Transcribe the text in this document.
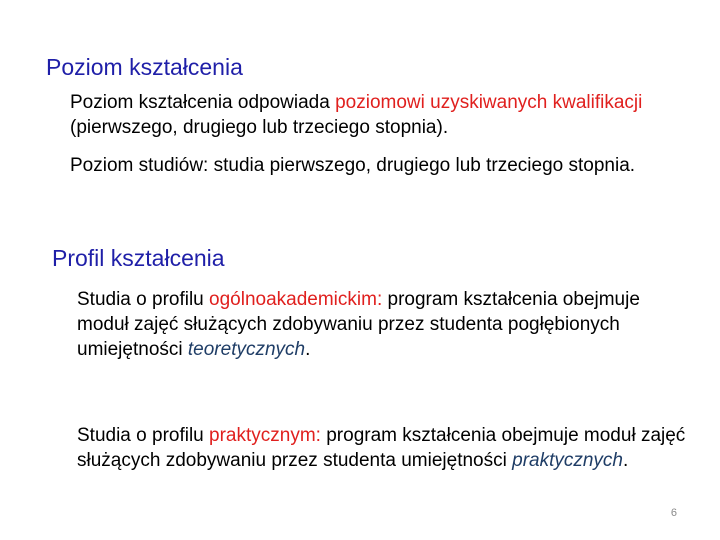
Poziom kształcenia
Poziom kształcenia odpowiada poziomowi uzyskiwanych kwalifikacji (pierwszego, drugiego lub trzeciego stopnia).
Poziom studiów: studia pierwszego, drugiego lub trzeciego stopnia.
Profil kształcenia
Studia o profilu ogólnoakademickim: program kształcenia obejmuje moduł zajęć służących zdobywaniu przez studenta pogłębionych umiejętności teoretycznych.
Studia o profilu praktycznym: program kształcenia obejmuje moduł zajęć służących zdobywaniu przez studenta umiejętności praktycznych.
6
